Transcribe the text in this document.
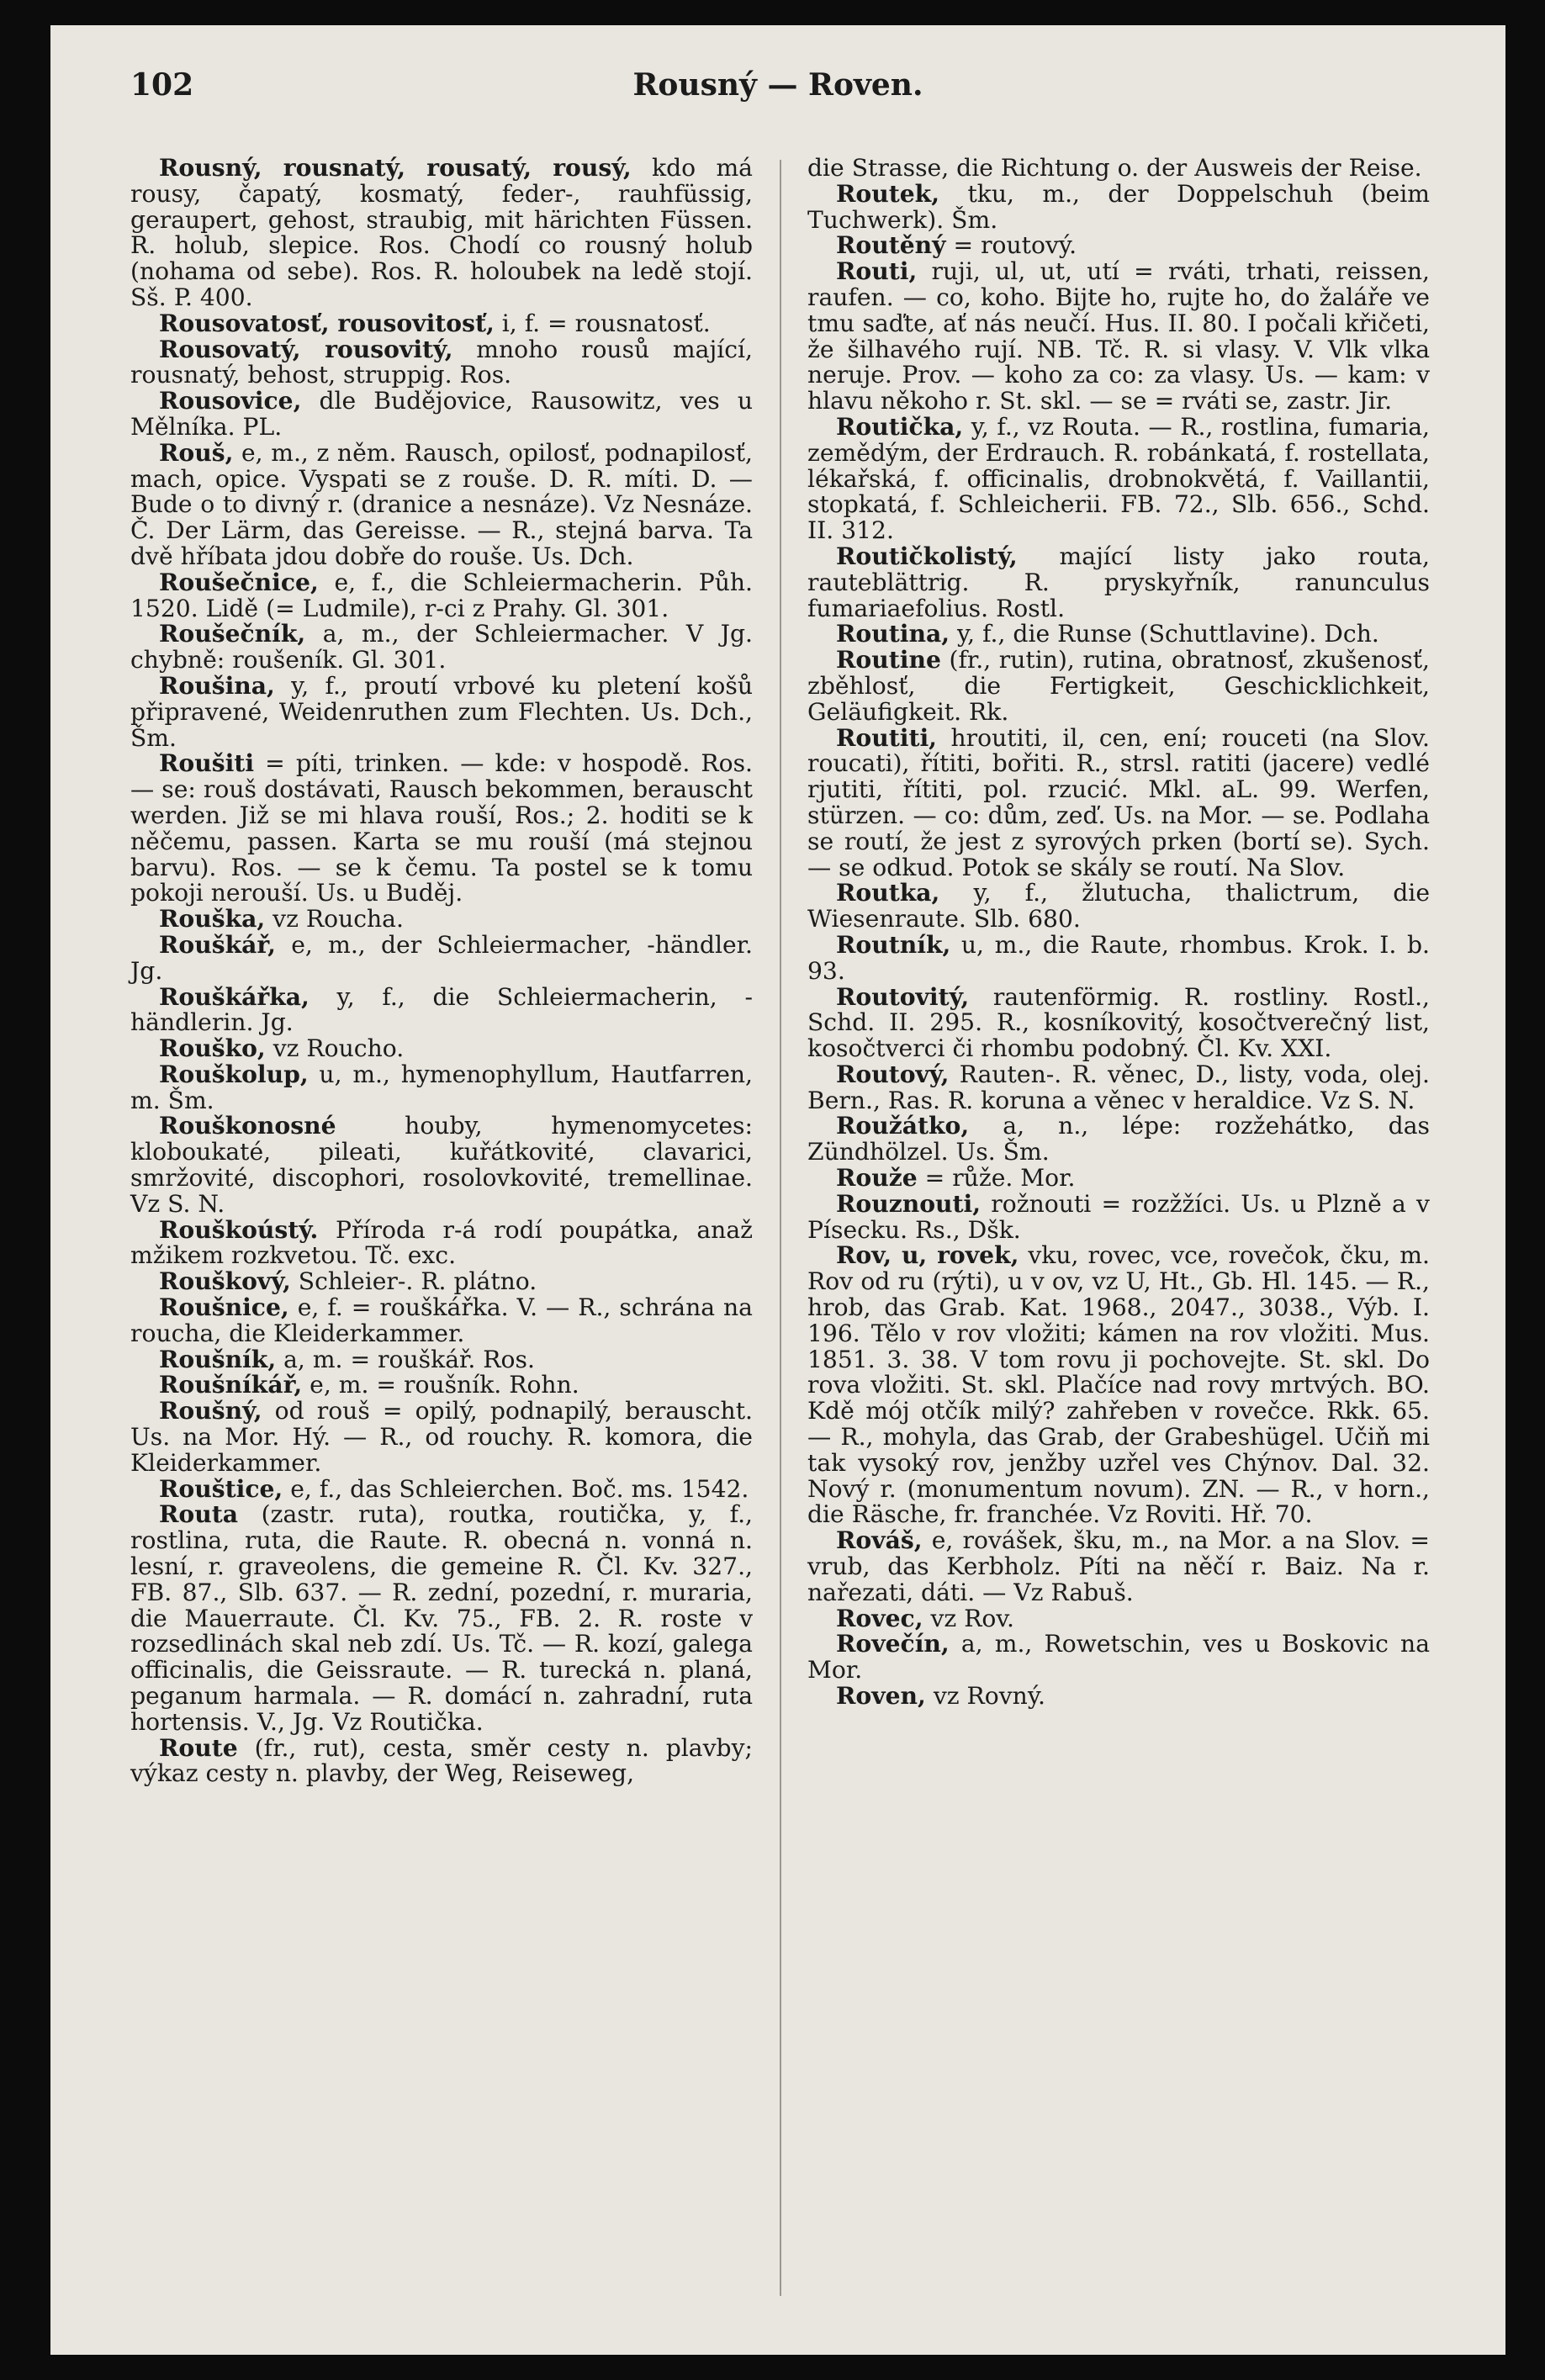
102	Rousný — Roven.

Rousný, rousnatý, rousatý, rousý, kdo má rousy, čapatý, kosmatý, feder-, rauhfüssig, geraupert, gehost, straubig, mit härichten Füssen. R. holub, slepice. Ros. Chodí co rousný holub (nohama od sebe). Ros. R. holoubek na ledě stojí. Sš. P. 400.

Rousovatosť, rousovitosť, i, f. = rousnatosť.

Rousovatý, rousovitý, mnoho rousů mající, rousnatý, behost, struppig. Ros.

Rousovice, dle Budějovice, Rausowitz, ves u Mělníka. PL.

Rouš, e, m., z něm. Rausch, opilosť, podnapilosť, mach, opice. Vyspati se z rouše. D. R. míti. D. — Bude o to divný r. (dranice a nesnáze). Vz Nesnáze. Č. Der Lärm, das Gereisse. — R., stejná barva. Ta dvě hříbata jdou dobře do rouše. Us. Dch.

Roušečnice, e, f., die Schleiermacherin. Půh. 1520. Lidě (= Ludmile), r-ci z Prahy. Gl. 301.

Roušečník, a, m., der Schleiermacher. V Jg. chybně: roušeník. Gl. 301.

Roušina, y, f., proutí vrbové ku pletení košů připravené, Weidenruthen zum Flechten. Us. Dch., Šm.

Roušiti = píti, trinken. — kde: v hospodě. Ros. — se: rouš dostávati, Rausch bekommen, berauscht werden. Již se mi hlava rouší, Ros.; 2. hoditi se k něčemu, passen. Karta se mu rouší (má stejnou barvu). Ros. — se k čemu. Ta postel se k tomu pokoji nerouší. Us. u Buděj.

Rouška, vz Roucha.

Rouškář, e, m., der Schleiermacher, -händler. Jg.

Rouškářka, y, f., die Schleiermacherin, -händlerin. Jg.

Rouško, vz Roucho.

Rouškolup, u, m., hymenophyllum, Hautfarren, m. Šm.

Rouškonosné houby, hymenomycetes: kloboukaté, pileati, kuřátkovité, clavarici, smržovité, discophori, rosolovkovité, tremellinae. Vz S. N.

Rouškoústý. Příroda r-á rodí poupátka, anaž mžikem rozkvetou. Tč. exc.

Rouškový, Schleier-. R. plátno.

Roušnice, e, f. = rouškářka. V. — R., schrána na roucha, die Kleiderkammer.

Roušník, a, m. = rouškář. Ros.

Roušníkář, e, m. = roušník. Rohn.

Roušný, od rouš = opilý, podnapilý, berauscht. Us. na Mor. Hý. — R., od rouchy. R. komora, die Kleiderkammer.

Rouštice, e, f., das Schleierchen. Boč. ms. 1542.

Routa (zastr. ruta), routka, routička, y, f., rostlina, ruta, die Raute. R. obecná n. vonná n. lesní, r. graveolens, die gemeine R. Čl. Kv. 327., FB. 87., Slb. 637. — R. zední, pozední, r. muraria, die Mauerraute. Čl. Kv. 75., FB. 2. R. roste v rozsedlinách skal neb zdí. Us. Tč. — R. kozí, galega officinalis, die Geissraute. — R. turecká n. planá, peganum harmala. — R. domácí n. zahradní, ruta hortensis. V., Jg. Vz Routička.

Route (fr., rut), cesta, směr cesty n. plavby; výkaz cesty n. plavby, der Weg, Reiseweg,

die Strasse, die Richtung o. der Ausweis der Reise.

Routek, tku, m., der Doppelschuh (beim Tuchwerk). Šm.

Routěný = routový.

Routi, ruji, ul, ut, utí = rváti, trhati, reissen, raufen. — co, koho. Bijte ho, rujte ho, do žaláře ve tmu saďte, ať nás neučí. Hus. II. 80. I počali křičeti, že šilhavého rují. NB. Tč. R. si vlasy. V. Vlk vlka neruje. Prov. — koho za co: za vlasy. Us. — kam: v hlavu někoho r. St. skl. — se = rváti se, zastr. Jir.

Routička, y, f., vz Routa. — R., rostlina, fumaria, zemědým, der Erdrauch. R. robánkatá, f. rostellata, lékařská, f. officinalis, drobnokvětá, f. Vaillantii, stopkatá, f. Schleicherii. FB. 72., Slb. 656., Schd. II. 312.

Routičkolistý, mající listy jako routa, rauteblättrig. R. pryskyřník, ranunculus fumariaefolius. Rostl.

Routina, y, f., die Runse (Schuttlavine). Dch.

Routine (fr., rutin), rutina, obratnosť, zkušenosť, zběhlosť, die Fertigkeit, Geschicklichkeit, Geläufigkeit. Rk.

Routiti, hroutiti, il, cen, ení; rouceti (na Slov. roucati), řítiti, bořiti. R., strsl. ratiti (jacere) vedlé rjutiti, řítiti, pol. rzucić. Mkl. aL. 99. Werfen, stürzen. — co: dům, zeď. Us. na Mor. — se. Podlaha se routí, že jest z syrových prken (bortí se). Sych. — se odkud. Potok se skály se routí. Na Slov.

Routka, y, f., žlutucha, thalictrum, die Wiesenraute. Slb. 680.

Routník, u, m., die Raute, rhombus. Krok. I. b. 93.

Routovitý, rautenförmig. R. rostliny. Rostl., Schd. II. 295. R., kosníkovitý, kosočtverečný list, kosočtverci či rhombu podobný. Čl. Kv. XXI.

Routový, Rauten-. R. věnec, D., listy, voda, olej. Bern., Ras. R. koruna a věnec v heraldice. Vz S. N.

Roužátko, a, n., lépe: rozžehátko, das Zündhölzel. Us. Šm.

Rouže = růže. Mor.

Rouznouti, rožnouti = rozžžíci. Us. u Plzně a v Písecku. Rs., Dšk.

Rov, u, rovek, vku, rovec, vce, rovečok, čku, m. Rov od ru (rýti), u v ov, vz U, Ht., Gb. Hl. 145. — R., hrob, das Grab. Kat. 1968., 2047., 3038., Výb. I. 196. Tělo v rov vložiti; kámen na rov vložiti. Mus. 1851. 3. 38. V tom rovu ji pochovejte. St. skl. Do rova vložiti. St. skl. Plačíce nad rovy mrtvých. BO. Kdě mój otčík milý? zahřeben v rovečce. Rkk. 65. — R., mohyla, das Grab, der Grabeshügel. Učiň mi tak vysoký rov, jenžby uzřel ves Chýnov. Dal. 32. Nový r. (monumentum novum). ZN. — R., v horn., die Räsche, fr. franchée. Vz Roviti. Hř. 70.

Rováš, e, rovášek, šku, m., na Mor. a na Slov. = vrub, das Kerbholz. Píti na něčí r. Baiz. Na r. nařezati, dáti. — Vz Rabuš.

Rovec, vz Rov.

Rovečín, a, m., Rowetschin, ves u Boskovic na Mor.

Roven, vz Rovný.
